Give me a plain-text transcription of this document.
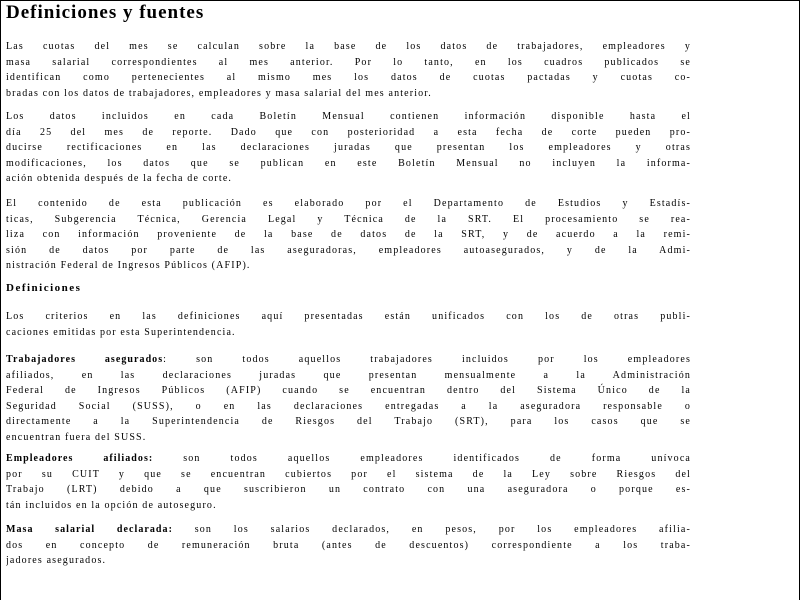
Definiciones y fuentes
Las cuotas del mes se calculan sobre la base de los datos de trabajadores, empleadores y
masa salarial correspondientes al mes anterior. Por lo tanto, en los cuadros publicados se
identifican como pertenecientes al mismo mes los datos de cuotas pactadas y cuotas co-
bradas con los datos de trabajadores, empleadores y masa salarial del mes anterior.
Los datos incluidos en cada Boletín Mensual contienen información disponible hasta el
día 25 del mes de reporte. Dado que con posterioridad a esta fecha de corte pueden pro-
ducirse rectificaciones en las declaraciones juradas que presentan los empleadores y otras
modificaciones, los datos que se publican en este Boletín Mensual no incluyen la informa-
ación obtenida después de la fecha de corte.
El contenido de esta publicación es elaborado por el Departamento de Estudios y Estadís-
ticas, Subgerencia Técnica, Gerencia Legal y Técnica de la SRT. El procesamiento se rea-
liza con información proveniente de la base de datos de la SRT, y de acuerdo a la remi-
sión de datos por parte de las aseguradoras, empleadores autoasegurados, y de la Admi-
nistración Federal de Ingresos Públicos (AFIP).
Definiciones
Los criterios en las definiciones aquí presentadas están unificados con los de otras publi-
caciones emitidas por esta Superintendencia.
Trabajadores asegurados: son todos aquellos trabajadores incluidos por los empleadores
afiliados, en las declaraciones juradas que presentan mensualmente a la Administración
Federal de Ingresos Públicos (AFIP) cuando se encuentran dentro del Sistema Único de la
Seguridad Social (SUSS), o en las declaraciones entregadas a la aseguradora responsable o
directamente a la Superintendencia de Riesgos del Trabajo (SRT), para los casos que se
encuentran fuera del SUSS.
Empleadores afiliados: son todos aquellos empleadores identificados de forma unívoca
por su CUIT y que se encuentran cubiertos por el sistema de la Ley sobre Riesgos del
Trabajo (LRT) debido a que suscribieron un contrato con una aseguradora o porque es-
tán incluidos en la opción de autoseguro.
Masa salarial declarada: son los salarios declarados, en pesos, por los empleadores afilia-
dos en concepto de remuneración bruta (antes de descuentos) correspondiente a los traba-
jadores asegurados.
